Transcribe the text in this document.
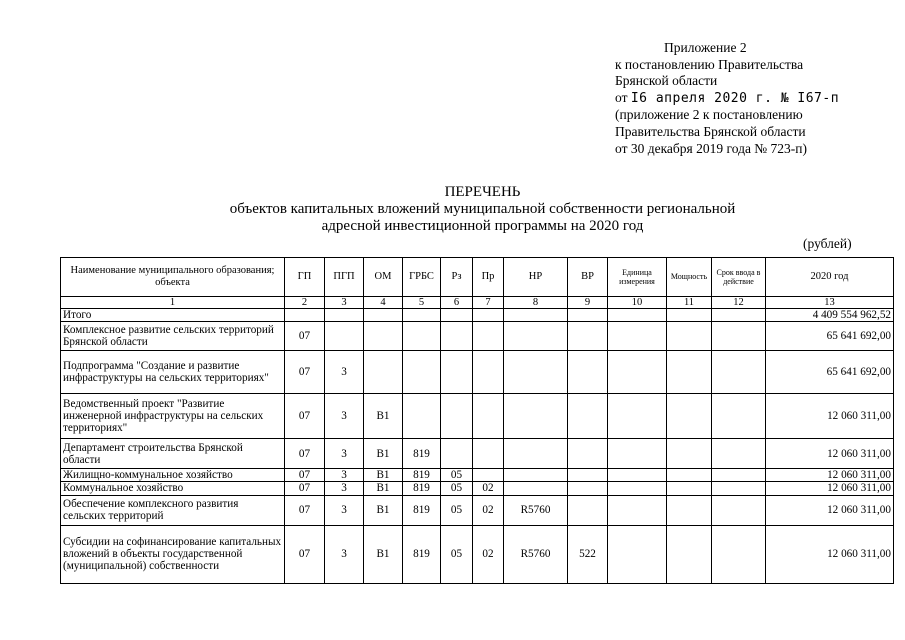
Приложение 2
к постановлению Правительства
Брянской области
от I6 апреля 2020 г. № I67-п
(приложение 2 к постановлению
Правительства Брянской области
от 30 декабря 2019 года № 723-п)
ПЕРЕЧЕНЬ
объектов капитальных вложений муниципальной собственности региональной
адресной инвестиционной программы на 2020 год
(рублей)
Наименование муниципального образования; объекта	ГП	ПГП	ОМ	ГРБС	Рз	Пр	НР	ВР	Единица измерения	Мощность	Срок ввода в действие	2020 год
1	2	3	4	5	6	7	8	9	10	11	12	13
Итого												4 409 554 962,52
Комплексное развитие сельских территорий Брянской области	07											65 641 692,00
Подпрограмма "Создание и развитие инфраструктуры на сельских территориях"	07	3										65 641 692,00
Ведомственный проект "Развитие инженерной инфраструктуры на сельских территориях"	07	3	В1									12 060 311,00
Департамент строительства Брянской области	07	3	В1	819								12 060 311,00
Жилищно-коммунальное хозяйство	07	3	В1	819	05							12 060 311,00
Коммунальное хозяйство	07	3	В1	819	05	02						12 060 311,00
Обеспечение комплексного развития сельских территорий	07	3	В1	819	05	02	R5760					12 060 311,00
Субсидии на софинансирование капитальных вложений в объекты государственной (муниципальной) собственности	07	3	В1	819	05	02	R5760	522				12 060 311,00
